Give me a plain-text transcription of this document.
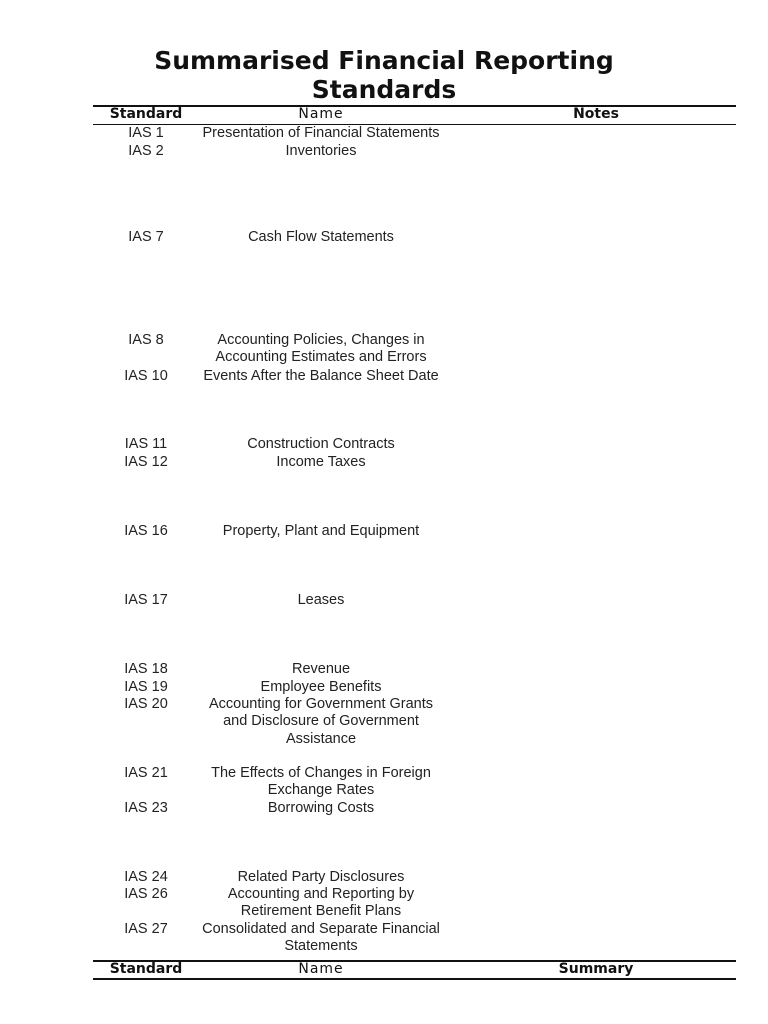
Summarised Financial Reporting
Standards
Standard	Name	Notes
IAS 1	Presentation of Financial Statements
IAS 2	Inventories
IAS 7	Cash Flow Statements
IAS 8	Accounting Policies, Changes in
Accounting Estimates and Errors
IAS 10	Events After the Balance Sheet Date
IAS 11	Construction Contracts
IAS 12	Income Taxes
IAS 16	Property, Plant and Equipment
IAS 17	Leases
IAS 18	Revenue
IAS 19	Employee Benefits
IAS 20	Accounting for Government Grants
and Disclosure of Government
Assistance
IAS 21	The Effects of Changes in Foreign
Exchange Rates
IAS 23	Borrowing Costs
IAS 24	Related Party Disclosures
IAS 26	Accounting and Reporting by
Retirement Benefit Plans
IAS 27	Consolidated and Separate Financial
Statements
Standard	Name	Summary
